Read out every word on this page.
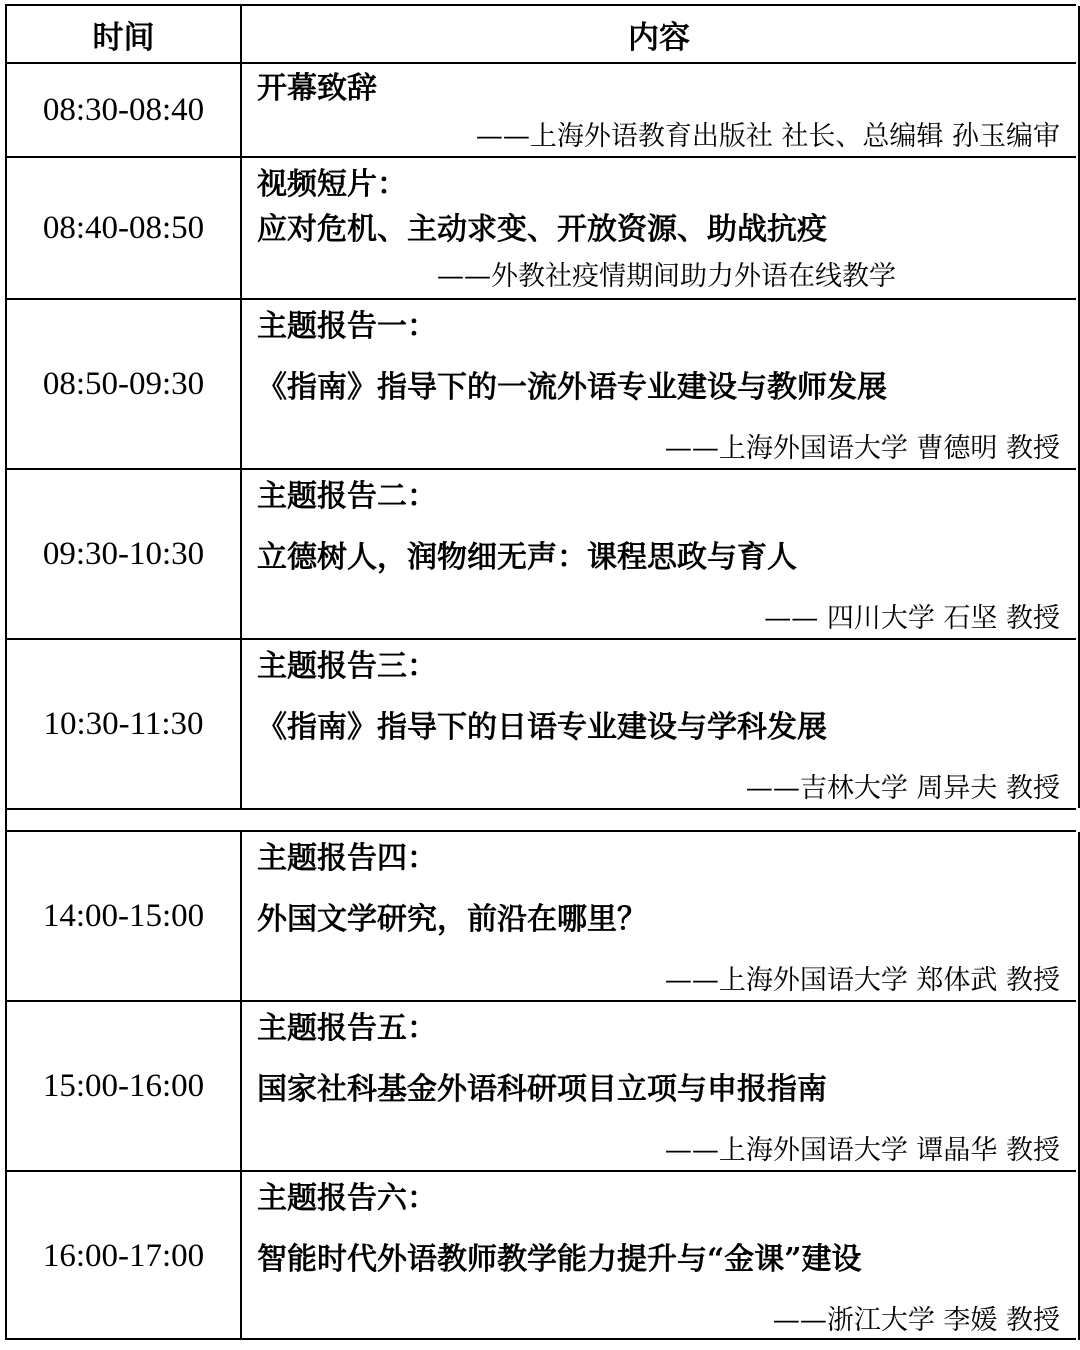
时间	内容
08:30-08:40
开幕致辞
——上海外语教育出版社 社长、总编辑 孙玉编审
08:40-08:50
视频短片：
应对危机、主动求变、开放资源、助战抗疫
——外教社疫情期间助力外语在线教学
08:50-09:30
主题报告一：
《指南》指导下的一流外语专业建设与教师发展
——上海外国语大学 曹德明 教授
09:30-10:30
主题报告二：
立德树人，润物细无声：课程思政与育人
—— 四川大学 石坚 教授
10:30-11:30
主题报告三：
《指南》指导下的日语专业建设与学科发展
——吉林大学 周异夫 教授
14:00-15:00
主题报告四：
外国文学研究，前沿在哪里？
——上海外国语大学 郑体武 教授
15:00-16:00
主题报告五：
国家社科基金外语科研项目立项与申报指南
——上海外国语大学 谭晶华 教授
16:00-17:00
主题报告六：
智能时代外语教师教学能力提升与“金课”建设
——浙江大学 李媛 教授
